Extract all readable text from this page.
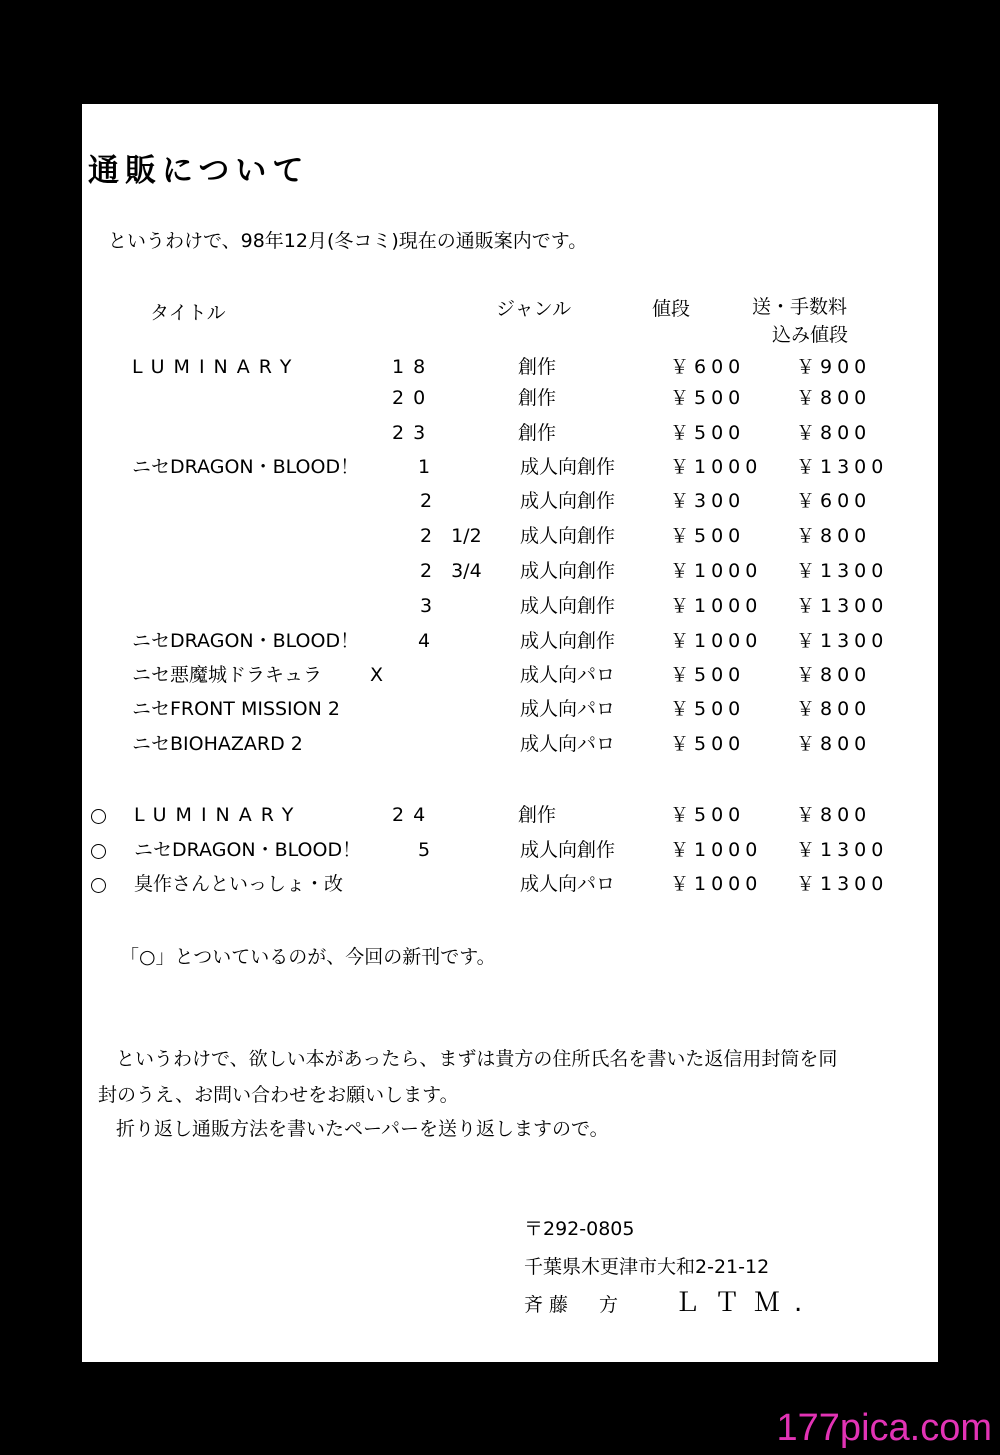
通販について
というわけで、98年12月(冬コミ)現在の通販案内です。
タイトル	ジャンル	値段	送・手数料
込み値段
LUMINARY	18	創作	￥600	￥900
20	創作	￥500	￥800
23	創作	￥500	￥800
ニセDRAGON・BLOOD！	1	成人向創作	￥1000 ￥1300
2	成人向創作	￥300	￥600
2　1/2 成人向創作	￥500	￥800
2　3/4 成人向創作	￥1000 ￥1300
3	成人向創作	￥1000 ￥1300
ニセDRAGON・BLOOD！	4	成人向創作	￥1000 ￥1300
ニセ悪魔城ドラキュラ	X	成人向パロ	￥500	￥800
ニセFRONT MISSION 2	成人向パロ	￥500	￥800
ニセBIOHAZARD 2	成人向パロ	￥500	￥800
LUMINARY	24	創作	￥500	￥800
ニセDRAGON・BLOOD！	5	成人向創作	￥1000 ￥1300
臭作さんといっしょ・改	成人向パロ	￥1000 ￥1300
「○」とついているのが、今回の新刊です。
というわけで、欲しい本があったら、まずは貴方の住所氏名を書いた返信用封筒を同
封のうえ、お問い合わせをお願いします。
折り返し通販方法を書いたペーパーを送り返しますので。
〒292-0805
千葉県木更津市大和2-21-12
斉藤　方 ＬＴＭ.
177pica.com
